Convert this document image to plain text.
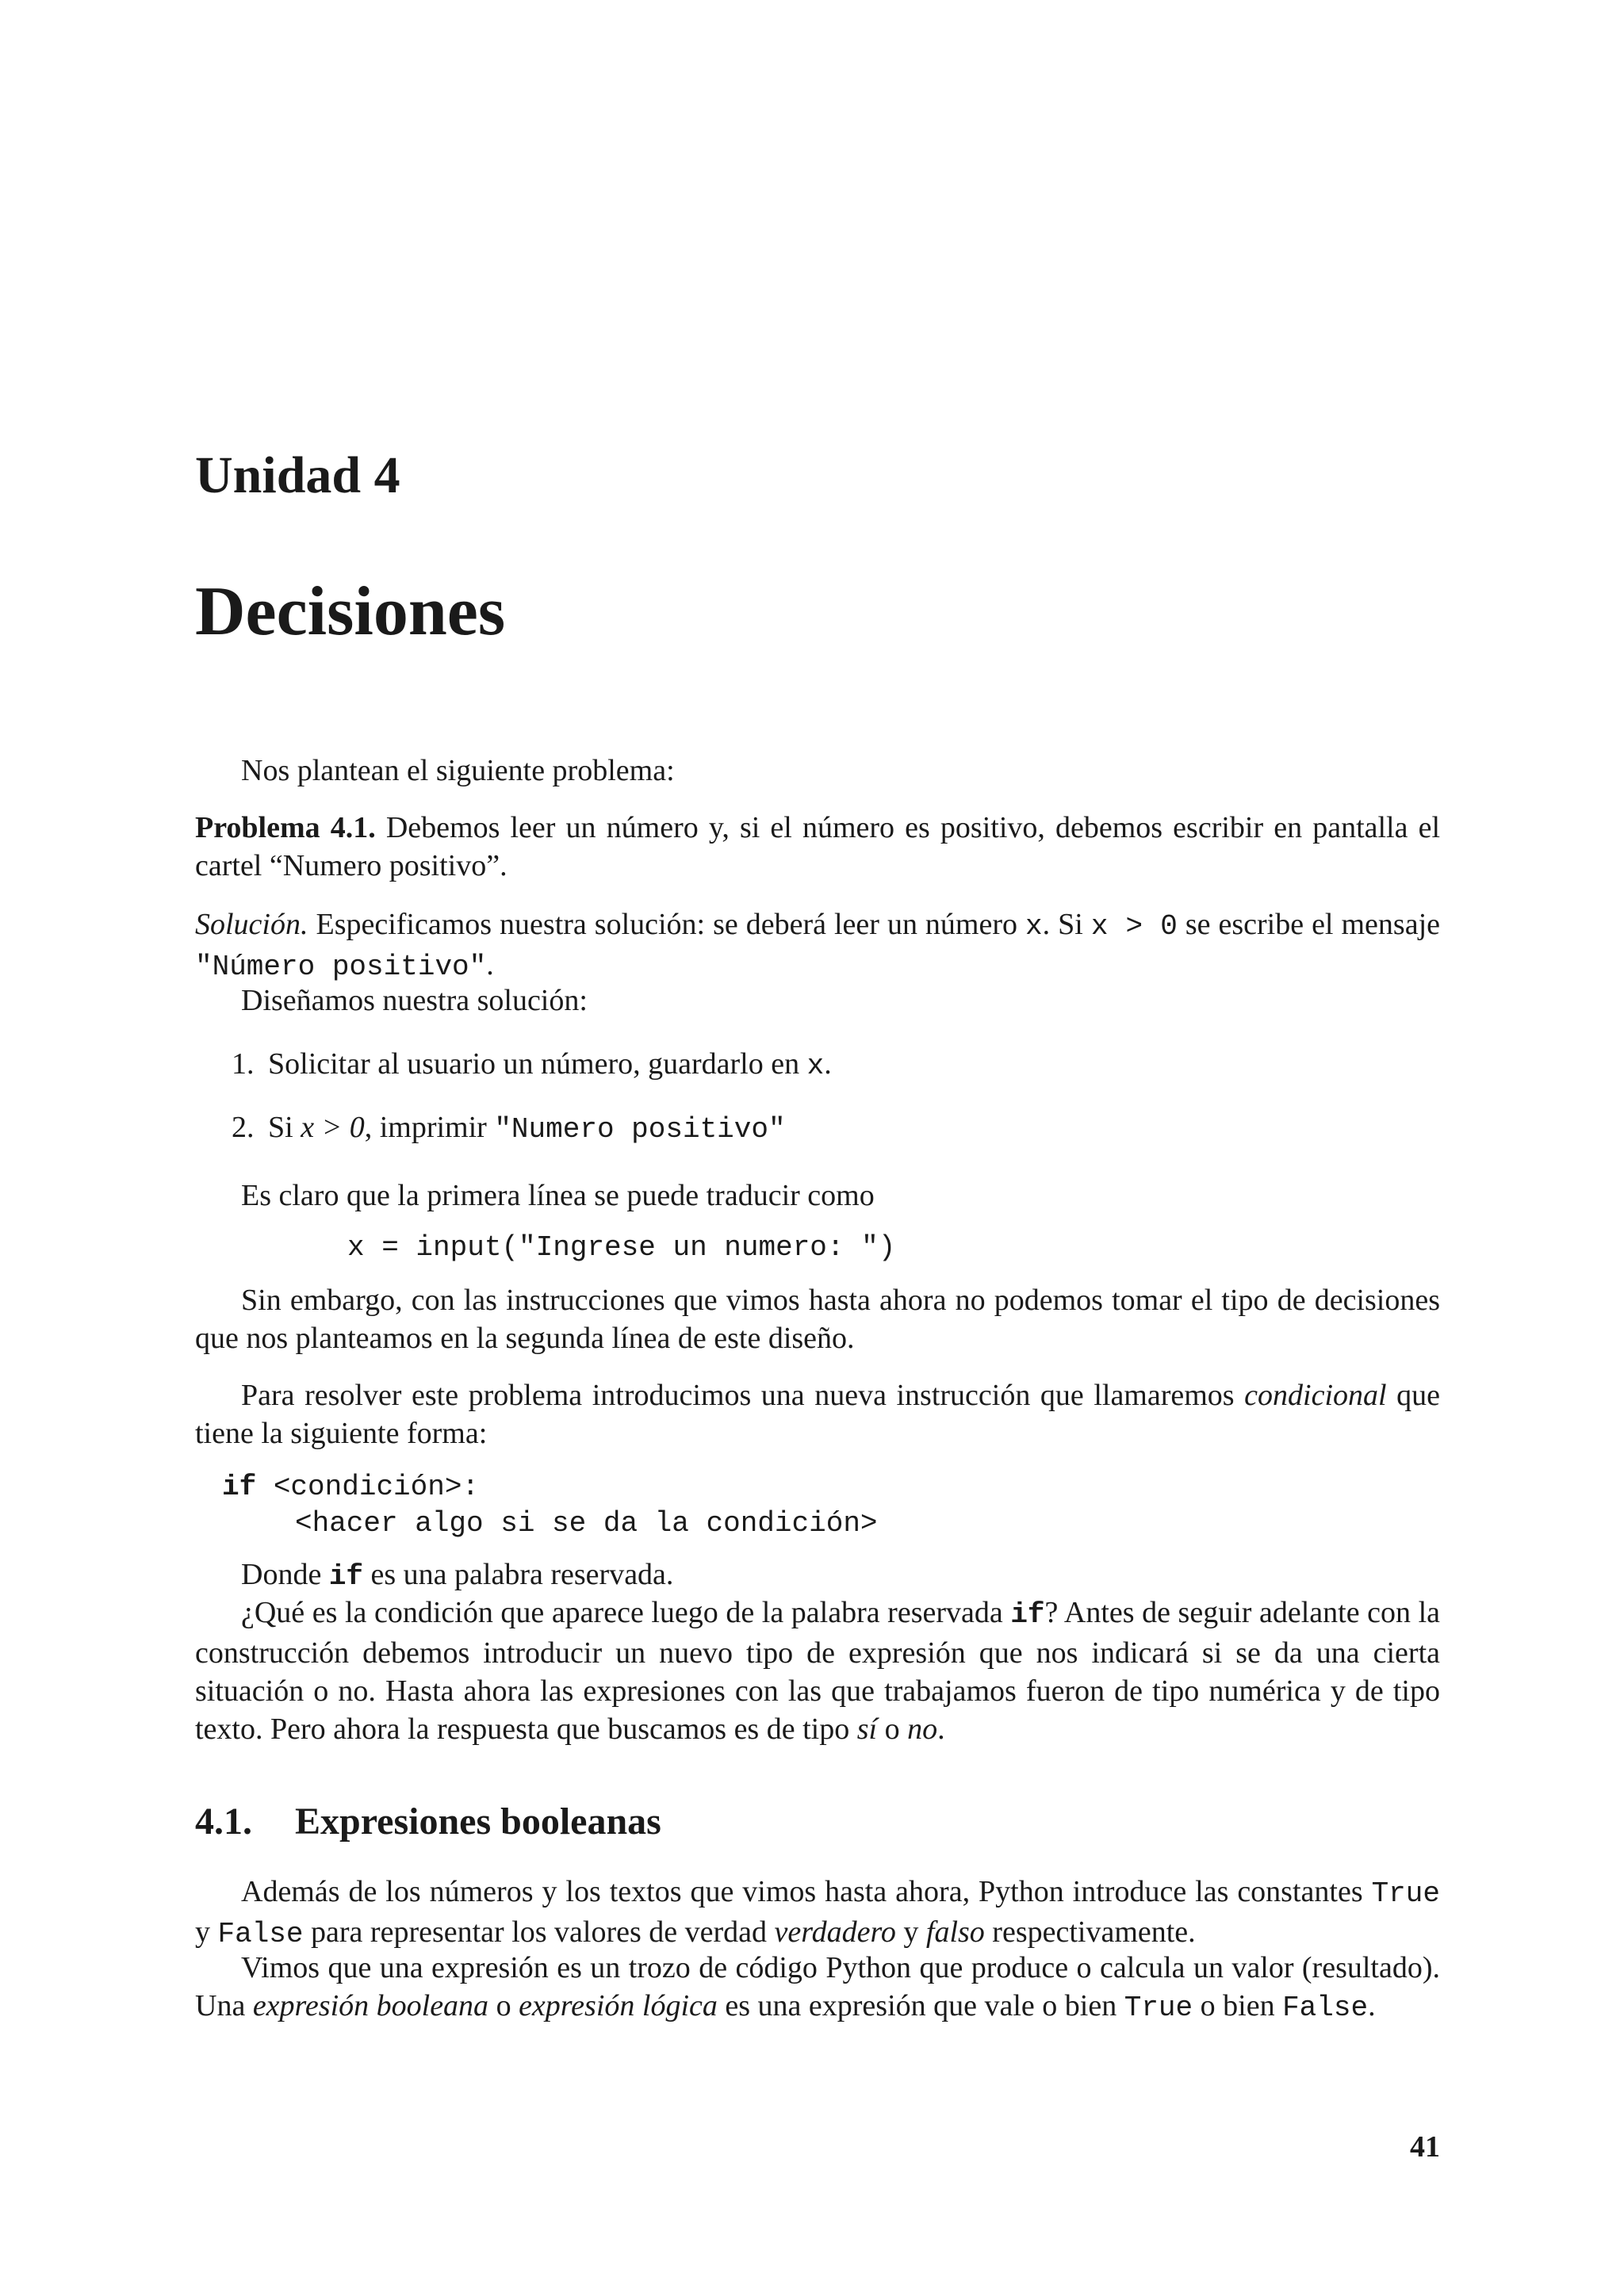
Unidad 4
Decisiones

Nos plantean el siguiente problema:

Problema 4.1. Debemos leer un número y, si el número es positivo, debemos escribir en pantalla el cartel “Numero positivo”.

Solución. Especificamos nuestra solución: se deberá leer un número x. Si x > 0 se escribe el mensaje "Número positivo".

Diseñamos nuestra solución:

1. Solicitar al usuario un número, guardarlo en x.
2. Si x > 0, imprimir "Numero positivo"

Es claro que la primera línea se puede traducir como

x = input("Ingrese un numero: ")

Sin embargo, con las instrucciones que vimos hasta ahora no podemos tomar el tipo de decisiones que nos planteamos en la segunda línea de este diseño.

Para resolver este problema introducimos una nueva instrucción que llamaremos condicional que tiene la siguiente forma:

if <condición>:
<hacer algo si se da la condición>

Donde if es una palabra reservada.

¿Qué es la condición que aparece luego de la palabra reservada if? Antes de seguir adelante con la construcción debemos introducir un nuevo tipo de expresión que nos indicará si se da una cierta situación o no. Hasta ahora las expresiones con las que trabajamos fueron de tipo numérica y de tipo texto. Pero ahora la respuesta que buscamos es de tipo sí o no.

4.1. Expresiones booleanas

Además de los números y los textos que vimos hasta ahora, Python introduce las constantes True y False para representar los valores de verdad verdadero y falso respectivamente.

Vimos que una expresión es un trozo de código Python que produce o calcula un valor (resultado). Una expresión booleana o expresión lógica es una expresión que vale o bien True o bien False.

41
